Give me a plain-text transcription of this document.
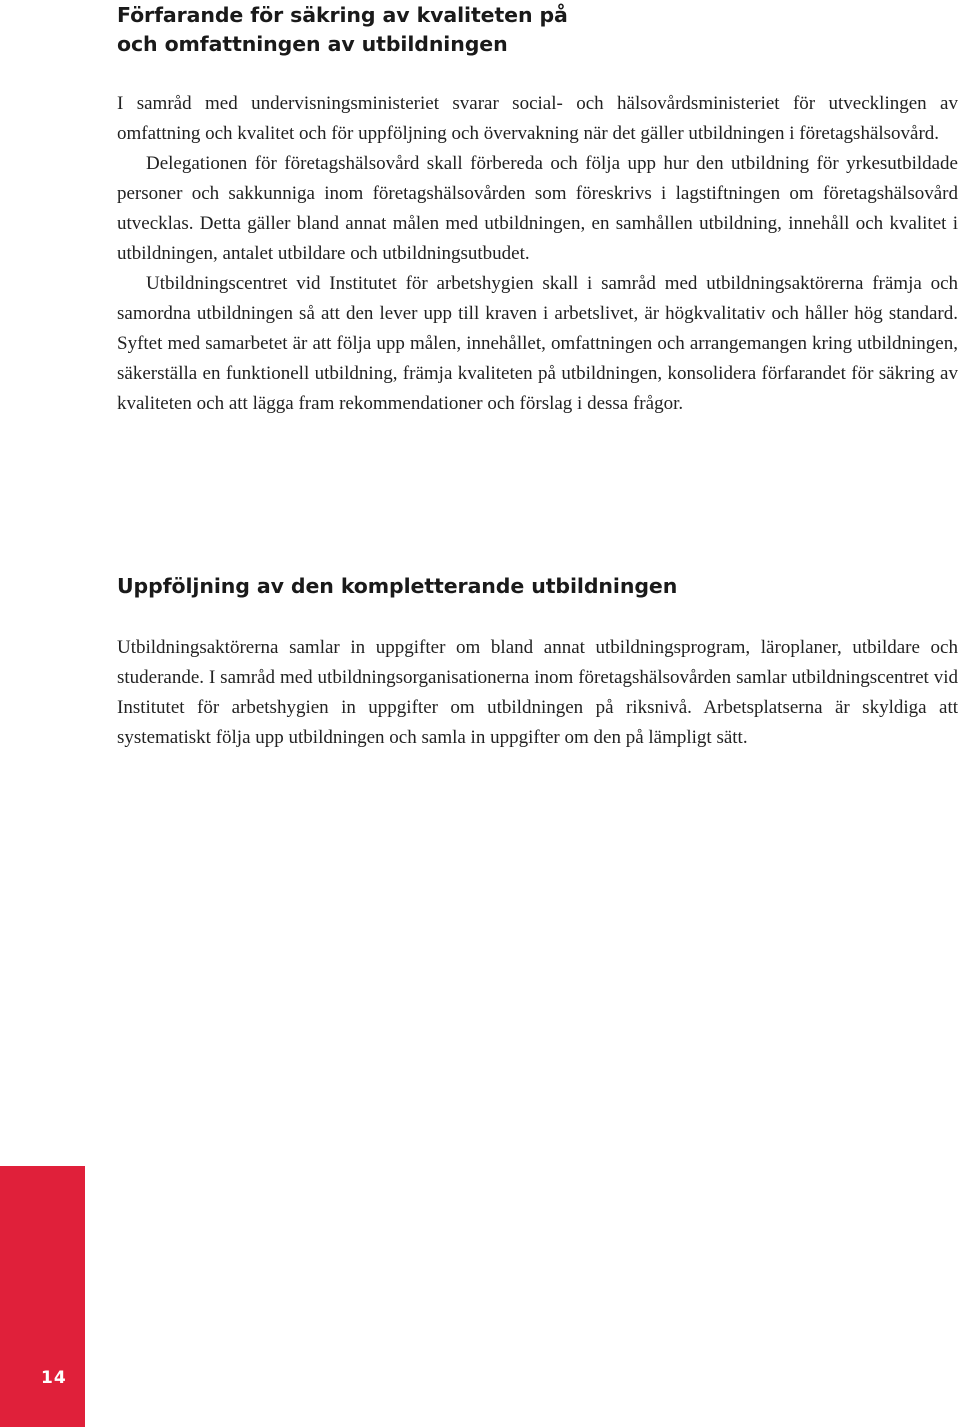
Förfarande för säkring av kvaliteten på
och omfattningen av utbildningen

I samråd med undervisningsministeriet svarar social- och hälsovårdsministeriet för utvecklingen av omfattning och kvalitet och för uppföljning och övervakning när det gäller utbildningen i företagshälsovård.

Delegationen för företagshälsovård skall förbereda och följa upp hur den utbildning för yrkesutbildade personer och sakkunniga inom företagshälsovården som föreskrivs i lagstiftningen om företagshälsovård utvecklas. Detta gäller bland annat målen med utbildningen, en samhållen utbildning, innehåll och kvalitet i utbildningen, antalet utbildare och utbildningsutbudet.

Utbildningscentret vid Institutet för arbetshygien skall i samråd med utbildningsaktörerna främja och samordna utbildningen så att den lever upp till kraven i arbetslivet, är högkvalitativ och håller hög standard. Syftet med samarbetet är att följa upp målen, innehållet, omfattningen och arrangemangen kring utbildningen, säkerställa en funktionell utbildning, främja kvaliteten på utbildningen, konsolidera förfarandet för säkring av kvaliteten och att lägga fram rekommendationer och förslag i dessa frågor.

Uppföljning av den kompletterande utbildningen

Utbildningsaktörerna samlar in uppgifter om bland annat utbildningsprogram, läroplaner, utbildare och studerande. I samråd med utbildningsorganisationerna inom företagshälsovården samlar utbildningscentret vid Institutet för arbetshygien in uppgifter om utbildningen på riksnivå. Arbetsplatserna är skyldiga att systematiskt följa upp utbildningen och samla in uppgifter om den på lämpligt sätt.

14
